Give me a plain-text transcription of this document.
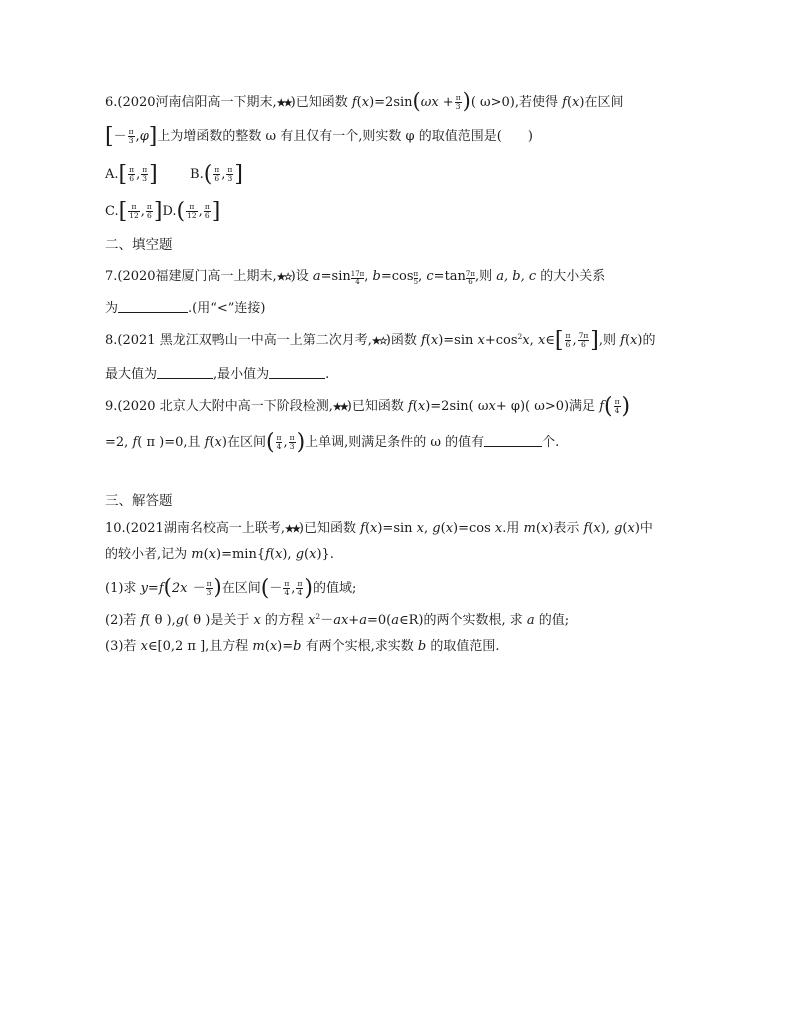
6.(2020河南信阳高一下期末,★★)已知函数 $f(x)=2\sin(\omega x + \frac{\pi}{3}$ )( ω>0),若使得 f(x)在区间
[－ $\frac{\pi}{3} ,\varphi$]上为增函数的整数 ω 有且仅有一个,则实数 φ 的取值范围是(　　)
$A.[ \frac{\pi}{6}$ , $\frac{\pi}{3}$ ] $B.( \frac{\pi}{6}$ , $\frac{\pi}{3}$ ]
$C.[ \frac{\pi}{12}$ , $\frac{\pi}{6} ]D.( \frac{\pi}{12}$ , $\frac{\pi}{6}$ ]
二、填空题
7.(2020福建厦门高一上期末,★☆)设 $a=\sin \frac{17\pi}{4}$ , $b=\cos \frac{\pi}{5}$ , $c=\tan \frac{7\pi}{6}$ ,则 a, b, c 的大小关系
为	.(用“<”连接)
8.(2021 黑龙江双鸭山一中高一上第二次月考,★☆)函数 f(x)=sin x+cos2x, x∈[ $\frac{\pi}{6}$ , $\frac{7\pi}{6}$ ],则 f(x)的
最大值为	,最小值为	.
9.(2020 北京人大附中高一下阶段检测,★★)已知函数 f(x)=2sin( ωx+ φ)( ω>0)满足 $f( \frac{\pi}{4}$ )
=2, f( π )=0,且 f(x)在区间( $\frac{\pi}{4}$ , $\frac{\pi}{3}$ )上单调,则满足条件的 ω 的值有	个.
三、解答题
10.(2021湖南名校高一上联考,★★)已知函数 f(x)=sin x, g(x)=cos x.用 m(x)表示 f(x), g(x)中
的较小者,记为 m(x)=min{f(x), g(x)}.
(1)求 $y=f(2x - \frac{\pi}{3}$ )在区间(－ $\frac{\pi}{4}$ , $\frac{\pi}{4}$ )的值域;
(2)若 f( θ ),g( θ )是关于 x 的方程 x2－ax+a=0(a∈R)的两个实数根, 求 a 的值;
(3)若 x∈[0,2 π ],且方程 m(x)=b 有两个实根,求实数 b 的取值范围.
